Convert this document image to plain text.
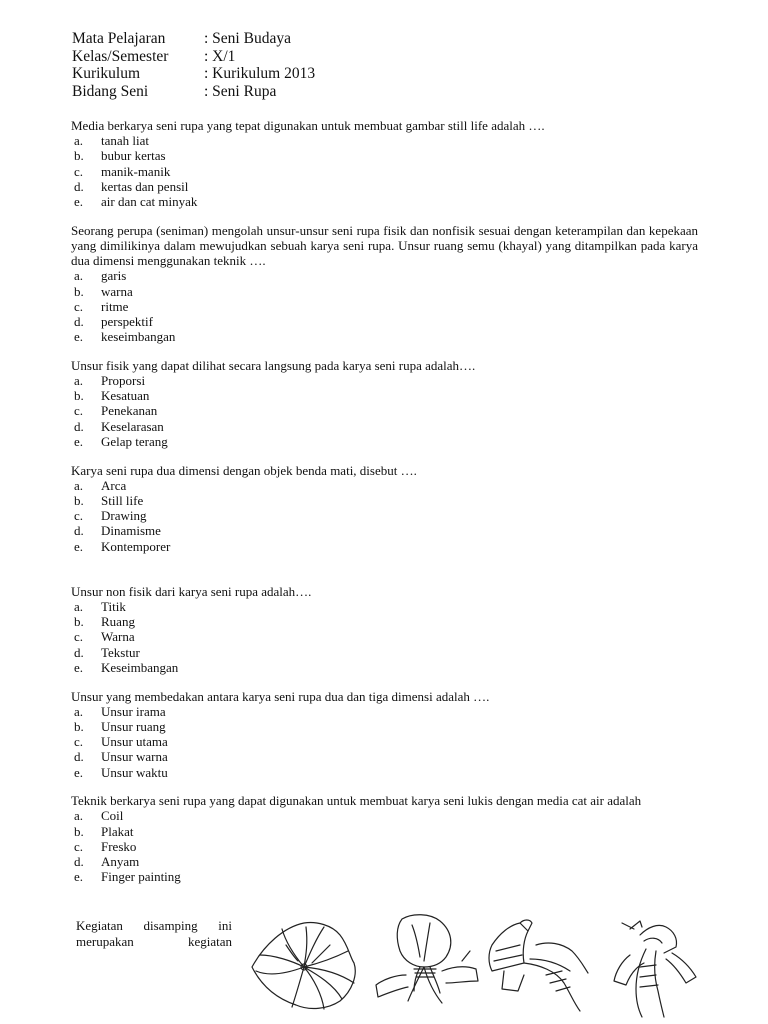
Mata Pelajaran	: Seni Budaya
Kelas/Semester	: X/1
Kurikulum	: Kurikulum 2013
Bidang Seni	: Seni Rupa
Media berkarya seni rupa yang tepat digunakan untuk membuat gambar still life adalah ….
a.	tanah liat
b.	bubur kertas
c.	manik-manik
d.	kertas dan pensil
e.	air dan cat minyak
Seorang perupa (seniman) mengolah unsur-unsur seni rupa fisik dan nonfisik sesuai dengan keterampilan dan kepekaan yang dimilikinya dalam mewujudkan sebuah karya seni rupa. Unsur ruang semu (khayal) yang ditampilkan pada karya dua dimensi menggunakan teknik ….
a.	garis
b.	warna
c.	ritme
d.	perspektif
e.	keseimbangan
Unsur fisik yang dapat dilihat secara langsung pada karya seni rupa adalah….
a.	Proporsi
b.	Kesatuan
c.	Penekanan
d.	Keselarasan
e.	Gelap terang
Karya seni rupa dua dimensi dengan objek benda mati, disebut ….
a.	Arca
b.	Still life
c.	Drawing
d.	Dinamisme
e.	Kontemporer
Unsur non fisik dari karya seni rupa adalah….
a.	Titik
b.	Ruang
c.	Warna
d.	Tekstur
e.	Keseimbangan
Unsur yang membedakan antara karya seni rupa dua dan tiga dimensi adalah ….
a.	Unsur irama
b.	Unsur ruang
c.	Unsur utama
d.	Unsur warna
e.	Unsur waktu
Teknik berkarya seni rupa yang dapat digunakan untuk membuat karya seni lukis dengan media cat air adalah
a.	Coil
b.	Plakat
c.	Fresko
d.	Anyam
e.	Finger painting
Kegiatan disamping ini
merupakan	kegiatan
